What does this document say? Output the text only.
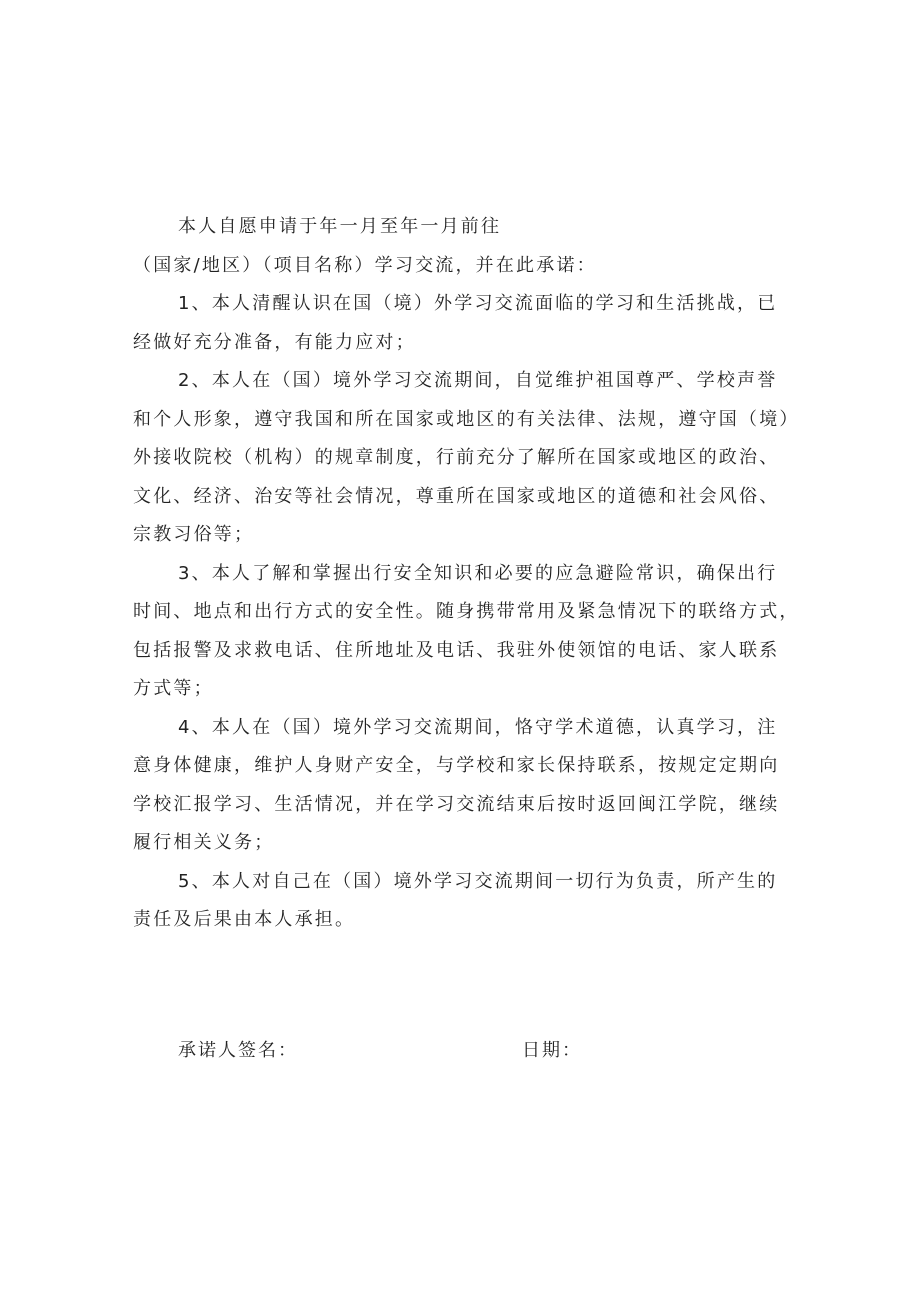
本人自愿申请于年一月至年一月前往
（国家/地区）（项目名称）学习交流，并在此承诺：
1、本人清醒认识在国（境）外学习交流面临的学习和生活挑战，已
经做好充分准备，有能力应对；
2、本人在（国）境外学习交流期间，自觉维护祖国尊严、学校声誉
和个人形象，遵守我国和所在国家或地区的有关法律、法规，遵守国（境）
外接收院校（机构）的规章制度，行前充分了解所在国家或地区的政治、
文化、经济、治安等社会情况，尊重所在国家或地区的道德和社会风俗、
宗教习俗等；
3、本人了解和掌握出行安全知识和必要的应急避险常识，确保出行
时间、地点和出行方式的安全性。随身携带常用及紧急情况下的联络方式，
包括报警及求救电话、住所地址及电话、我驻外使领馆的电话、家人联系
方式等；
4、本人在（国）境外学习交流期间，恪守学术道德，认真学习，注
意身体健康，维护人身财产安全，与学校和家长保持联系，按规定定期向
学校汇报学习、生活情况，并在学习交流结束后按时返回闽江学院，继续
履行相关义务；
5、本人对自己在（国）境外学习交流期间一切行为负责，所产生的
责任及后果由本人承担。
承诺人签名：	日期：
